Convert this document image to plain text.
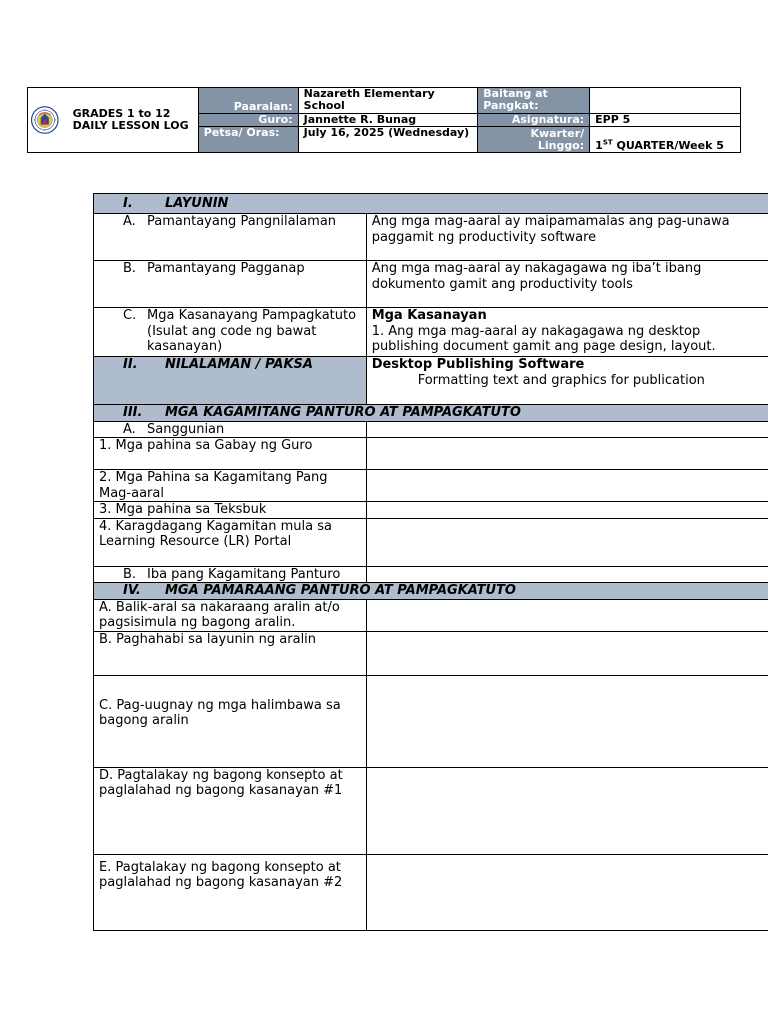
GRADES 1 to 12 DAILY LESSON LOG	Paaralan:	Nazareth Elementary School	Baitang at Pangkat:	
	Guro:	Jannette R. Bunag	Asignatura:	EPP 5
	Petsa/ Oras:	July 16, 2025 (Wednesday)	Kwarter/ Linggo:	1ST QUARTER/Week 5
I. LAYUNIN	

A. Pamantayang Pangnilalaman	Ang mga mag-aaral ay maipamamalas ang pag-unawa paggamit ng productivity software

B. Pamantayang Pagganap	Ang mga mag-aaral ay nakagagawa ng iba’t ibang dokumento gamit ang productivity tools

C. Mga Kasanayang Pampagkatuto (Isulat ang code ng bawat kasanayan)	Mga Kasanayan
1. Ang mga mag-aaral ay nakagagawa ng desktop publishing document gamit ang page design, layout.
II. NILALAMAN / PAKSA	Desktop Publishing Software
Formatting text and graphics for publication
III. MGA KAGAMITANG PANTURO AT PAMPAGKATUTO	

A. Sanggunian	

1. Mga pahina sa Gabay ng Guro	
2. Mga Pahina sa Kagamitang Pang Mag-aaral	
3. Mga pahina sa Teksbuk	
4. Karagdagang Kagamitan mula sa Learning Resource (LR) Portal	

B. Iba pang Kagamitang Panturo	

IV. MGA PAMARAANG PANTURO AT PAMPAGKATUTO	
A. Balik-aral sa nakaraang aralin at/o pagsisimula ng bagong aralin.	
B. Paghahabi sa layunin ng aralin	
C. Pag-uugnay ng mga halimbawa sa bagong aralin	
D. Pagtalakay ng bagong konsepto at paglalahad ng bagong kasanayan #1	
E. Pagtalakay ng bagong konsepto at paglalahad ng bagong kasanayan #2	
